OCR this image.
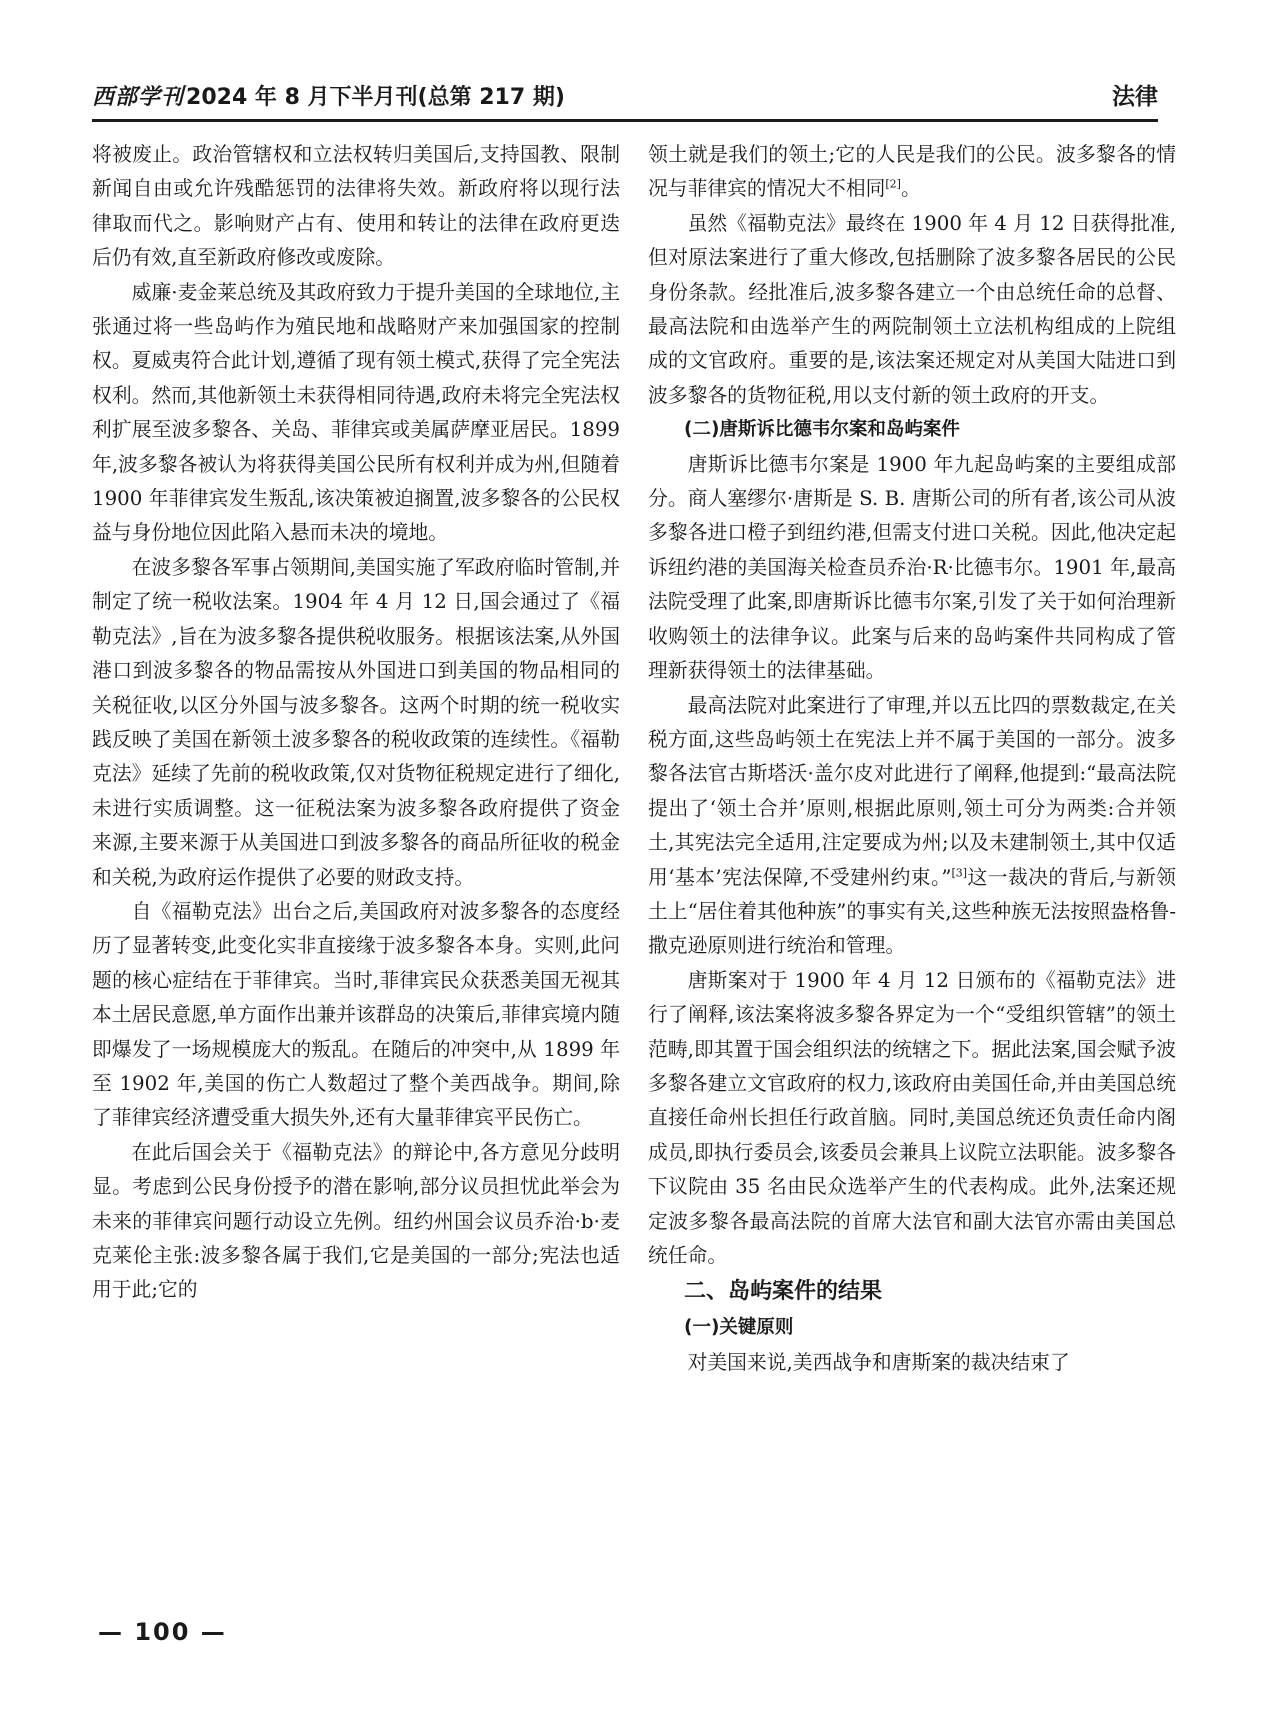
西部学刊2024 年 8 月下半月刊(总第 217 期)	法律

将被废止。政治管辖权和立法权转归美国后,支持国教、限制新闻自由或允许残酷惩罚的法律将失效。新政府将以现行法律取而代之。影响财产占有、使用和转让的法律在政府更迭后仍有效,直至新政府修改或废除。

威廉·麦金莱总统及其政府致力于提升美国的全球地位,主张通过将一些岛屿作为殖民地和战略财产来加强国家的控制权。夏威夷符合此计划,遵循了现有领土模式,获得了完全宪法权利。然而,其他新领土未获得相同待遇,政府未将完全宪法权利扩展至波多黎各、关岛、菲律宾或美属萨摩亚居民。1899 年,波多黎各被认为将获得美国公民所有权利并成为州,但随着 1900 年菲律宾发生叛乱,该决策被迫搁置,波多黎各的公民权益与身份地位因此陷入悬而未决的境地。

在波多黎各军事占领期间,美国实施了军政府临时管制,并制定了统一税收法案。1904 年 4 月 12 日,国会通过了《福勒克法》,旨在为波多黎各提供税收服务。根据该法案,从外国港口到波多黎各的物品需按从外国进口到美国的物品相同的关税征收,以区分外国与波多黎各。这两个时期的统一税收实践反映了美国在新领土波多黎各的税收政策的连续性。《福勒克法》延续了先前的税收政策,仅对货物征税规定进行了细化,未进行实质调整。这一征税法案为波多黎各政府提供了资金来源,主要来源于从美国进口到波多黎各的商品所征收的税金和关税,为政府运作提供了必要的财政支持。

自《福勒克法》出台之后,美国政府对波多黎各的态度经历了显著转变,此变化实非直接缘于波多黎各本身。实则,此问题的核心症结在于菲律宾。当时,菲律宾民众获悉美国无视其本土居民意愿,单方面作出兼并该群岛的决策后,菲律宾境内随即爆发了一场规模庞大的叛乱。在随后的冲突中,从 1899 年至 1902 年,美国的伤亡人数超过了整个美西战争。期间,除了菲律宾经济遭受重大损失外,还有大量菲律宾平民伤亡。

在此后国会关于《福勒克法》的辩论中,各方意见分歧明显。考虑到公民身份授予的潜在影响,部分议员担忧此举会为未来的菲律宾问题行动设立先例。纽约州国会议员乔治·b·麦克莱伦主张:波多黎各属于我们,它是美国的一部分;宪法也适用于此;它的

领土就是我们的领土;它的人民是我们的公民。波多黎各的情况与菲律宾的情况大不相同[2]。

虽然《福勒克法》最终在 1900 年 4 月 12 日获得批准,但对原法案进行了重大修改,包括删除了波多黎各居民的公民身份条款。经批准后,波多黎各建立一个由总统任命的总督、最高法院和由选举产生的两院制领土立法机构组成的上院组成的文官政府。重要的是,该法案还规定对从美国大陆进口到波多黎各的货物征税,用以支付新的领土政府的开支。

(二)唐斯诉比德韦尔案和岛屿案件

唐斯诉比德韦尔案是 1900 年九起岛屿案的主要组成部分。商人塞缪尔·唐斯是 S. B. 唐斯公司的所有者,该公司从波多黎各进口橙子到纽约港,但需支付进口关税。因此,他决定起诉纽约港的美国海关检查员乔治·R·比德韦尔。1901 年,最高法院受理了此案,即唐斯诉比德韦尔案,引发了关于如何治理新收购领土的法律争议。此案与后来的岛屿案件共同构成了管理新获得领土的法律基础。

最高法院对此案进行了审理,并以五比四的票数裁定,在关税方面,这些岛屿领土在宪法上并不属于美国的一部分。波多黎各法官古斯塔沃·盖尔皮对此进行了阐释,他提到:“最高法院提出了‘领土合并’原则,根据此原则,领土可分为两类:合并领土,其宪法完全适用,注定要成为州;以及未建制领土,其中仅适用‘基本’宪法保障,不受建州约束。”[3]这一裁决的背后,与新领土上“居住着其他种族”的事实有关,这些种族无法按照盎格鲁-撒克逊原则进行统治和管理。

唐斯案对于 1900 年 4 月 12 日颁布的《福勒克法》进行了阐释,该法案将波多黎各界定为一个“受组织管辖”的领土范畴,即其置于国会组织法的统辖之下。据此法案,国会赋予波多黎各建立文官政府的权力,该政府由美国任命,并由美国总统直接任命州长担任行政首脑。同时,美国总统还负责任命内阁成员,即执行委员会,该委员会兼具上议院立法职能。波多黎各下议院由 35 名由民众选举产生的代表构成。此外,法案还规定波多黎各最高法院的首席大法官和副大法官亦需由美国总统任命。

二、岛屿案件的结果
(一)关键原则

对美国来说,美西战争和唐斯案的裁决结束了

— 100 —
